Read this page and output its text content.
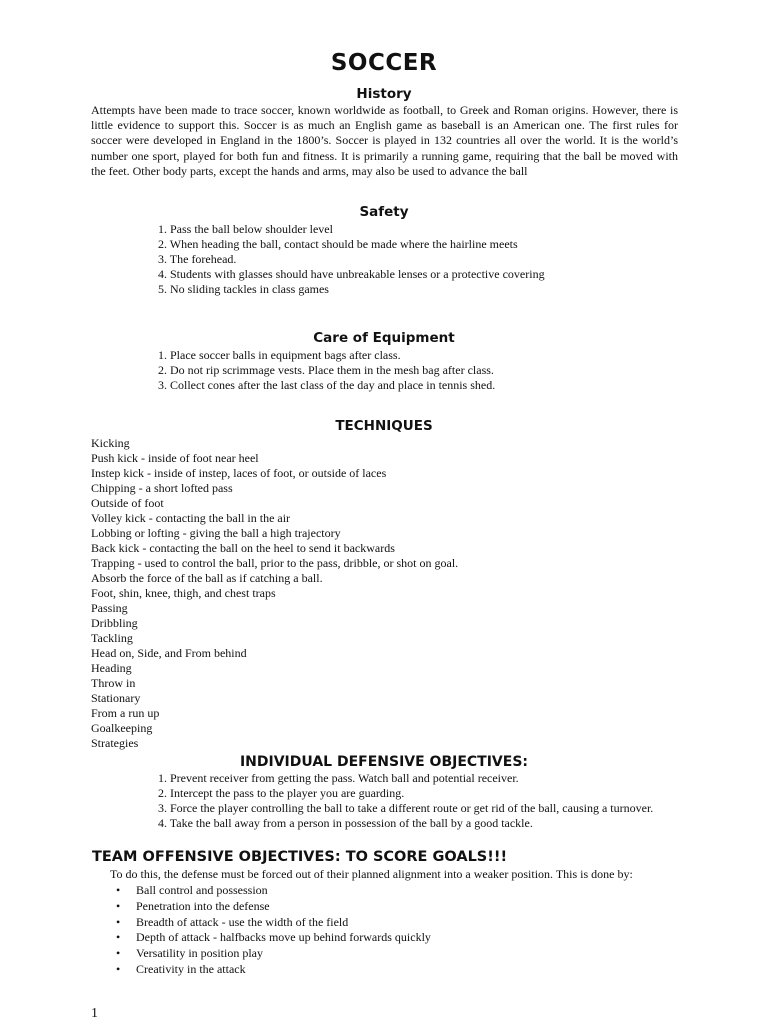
SOCCER
History

Attempts have been made to trace soccer, known worldwide as football, to Greek and Roman origins. However, there is little evidence to support this. Soccer is as much an English game as baseball is an American one. The first rules for soccer were developed in England in the 1800’s. Soccer is played in 132 countries all over the world. It is the world’s number one sport, played for both fun and fitness. It is primarily a running game, requiring that the ball be moved with the feet. Other body parts, except the hands and arms, may also be used to advance the ball

Safety
1. Pass the ball below shoulder level
2. When heading the ball, contact should be made where the hairline meets
3. The forehead.
4. Students with glasses should have unbreakable lenses or a protective covering
5. No sliding tackles in class games
Care of Equipment
1. Place soccer balls in equipment bags after class.
2. Do not rip scrimmage vests. Place them in the mesh bag after class.
3. Collect cones after the last class of the day and place in tennis shed.
TECHNIQUES
Kicking
Push kick - inside of foot near heel
Instep kick - inside of instep, laces of foot, or outside of laces
Chipping - a short lofted pass
Outside of foot
Volley kick - contacting the ball in the air
Lobbing or lofting - giving the ball a high trajectory
Back kick - contacting the ball on the heel to send it backwards
Trapping - used to control the ball, prior to the pass, dribble, or shot on goal.
Absorb the force of the ball as if catching a ball.
Foot, shin, knee, thigh, and chest traps
Passing
Dribbling
Tackling
Head on, Side, and From behind
Heading
Throw in
Stationary
From a run up
Goalkeeping
Strategies
INDIVIDUAL DEFENSIVE OBJECTIVES:
1. Prevent receiver from getting the pass. Watch ball and potential receiver.
2. Intercept the pass to the player you are guarding.
3. Force the player controlling the ball to take a different route or get rid of the ball, causing a turnover.
4. Take the ball away from a person in possession of the ball by a good tackle.
TEAM OFFENSIVE OBJECTIVES: TO SCORE GOALS!!!
To do this, the defense must be forced out of their planned alignment into a weaker position. This is done by:
• Ball control and possession
• Penetration into the defense
• Breadth of attack - use the width of the field
• Depth of attack - halfbacks move up behind forwards quickly
• Versatility in position play
• Creativity in the attack
1
